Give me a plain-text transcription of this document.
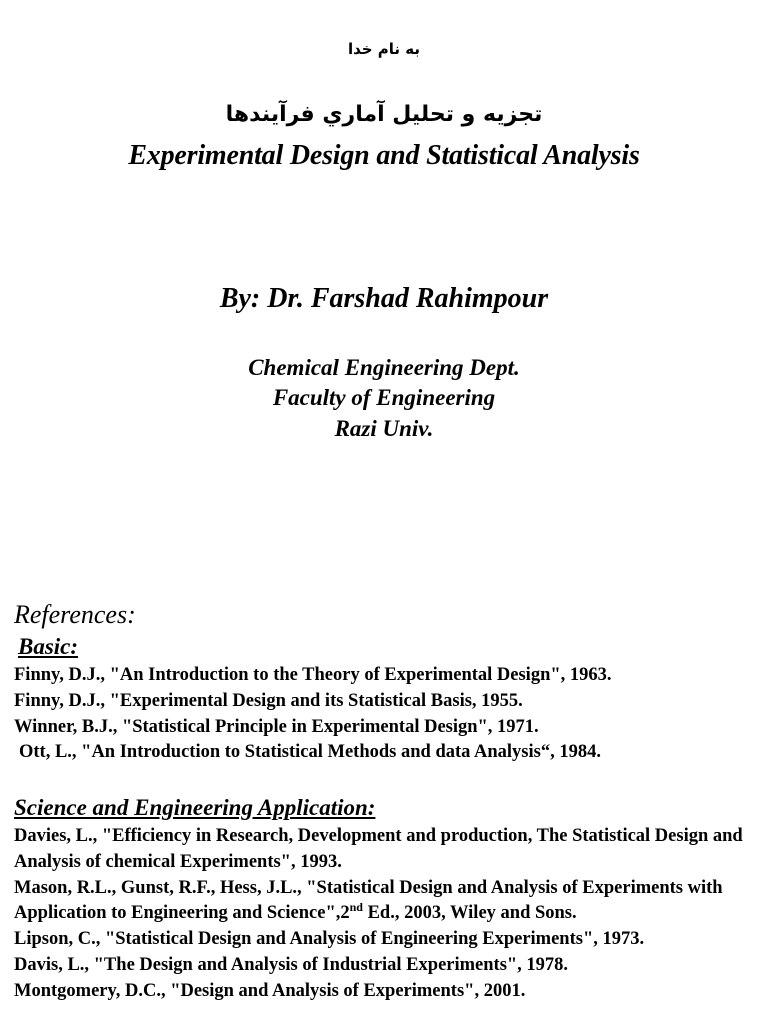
به نام خدا
تجزيه و تحليل آماري فرآيندها
Experimental Design and Statistical Analysis
By: Dr. Farshad Rahimpour
Chemical Engineering Dept.
Faculty of Engineering
Razi Univ.
References:
Basic:
Finny, D.J., "An Introduction to the Theory of Experimental Design", 1963.
Finny, D.J., "Experimental Design and its Statistical Basis, 1955.
Winner, B.J., "Statistical Principle in Experimental Design", 1971.
Ott, L., "An Introduction to Statistical Methods and data Analysis“, 1984.
Science and Engineering Application:
Davies, L., "Efficiency in Research, Development and production, The Statistical Design and Analysis of chemical Experiments", 1993.
Mason, R.L., Gunst, R.F., Hess, J.L., "Statistical Design and Analysis of Experiments with Application to Engineering and Science",2nd Ed., 2003, Wiley and Sons.
Lipson, C., "Statistical Design and Analysis of Engineering Experiments", 1973.
Davis, L., "The Design and Analysis of Industrial Experiments", 1978.
Montgomery, D.C., "Design and Analysis of Experiments", 2001.
